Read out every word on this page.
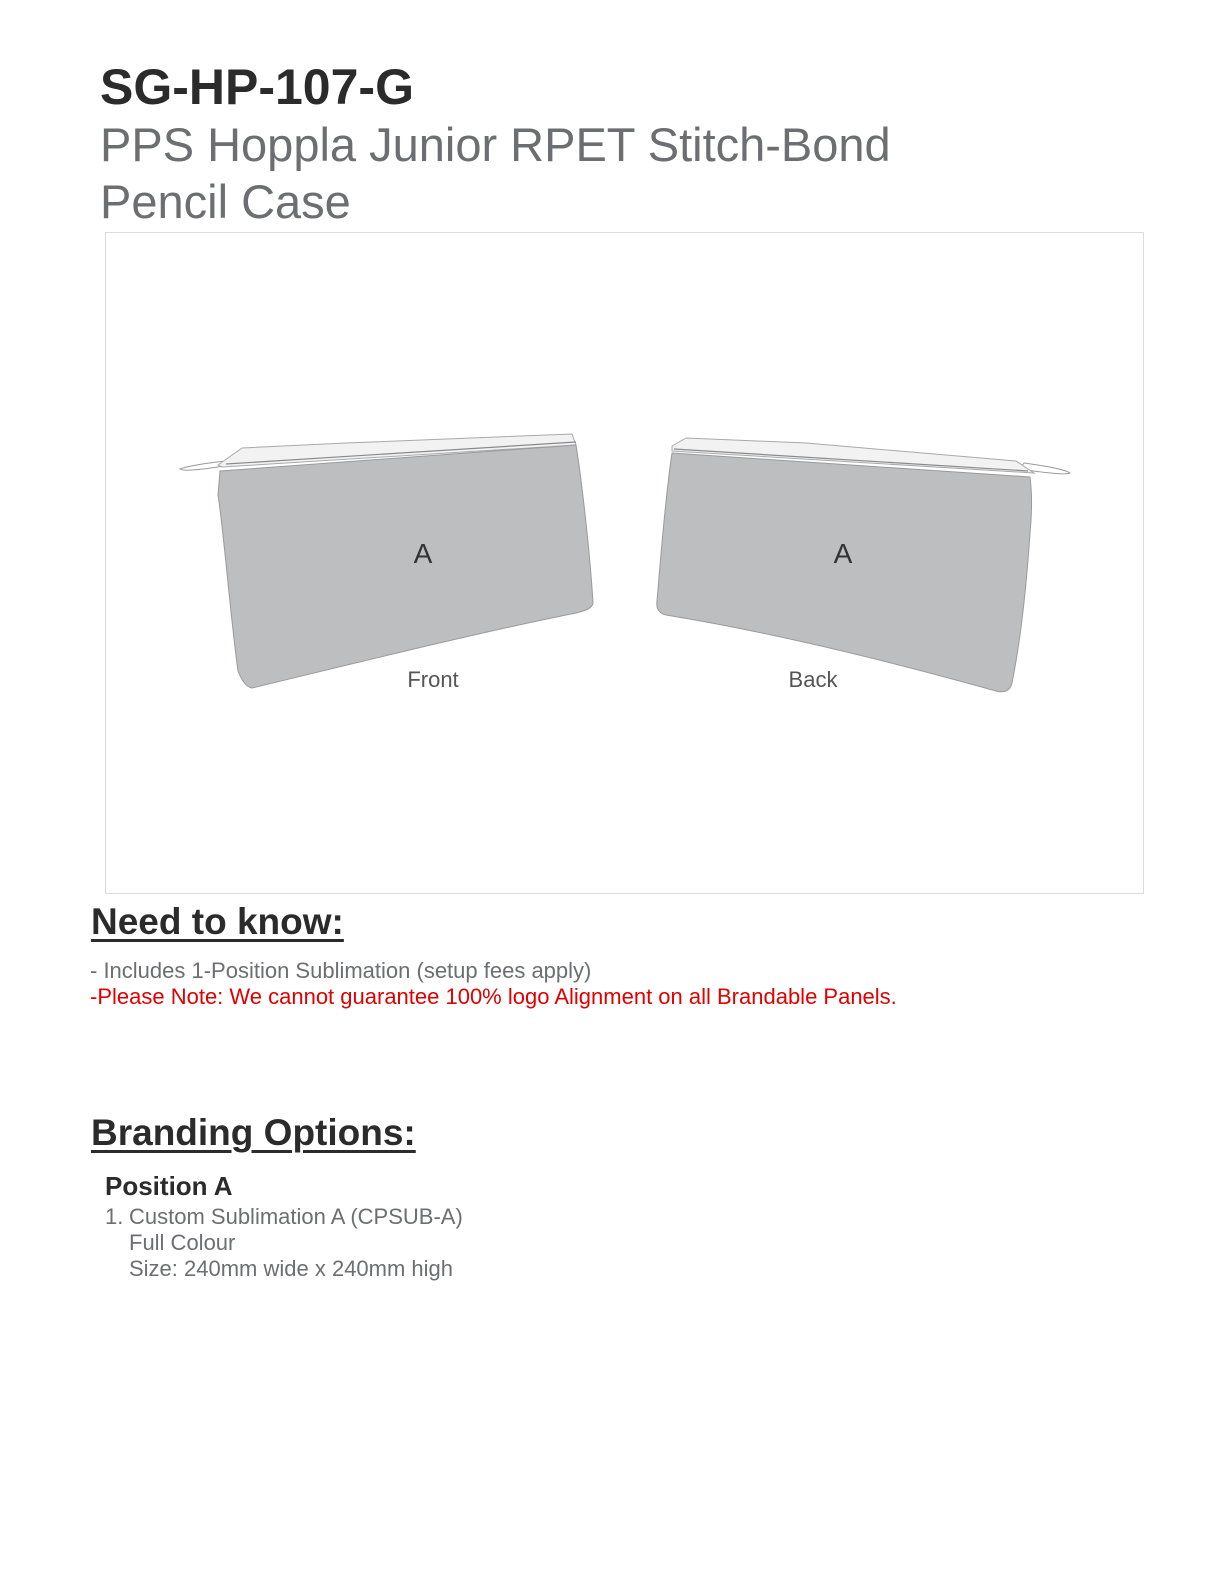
SG-HP-107-G
PPS Hoppla Junior RPET Stitch-Bond
Pencil Case
A	A
Front	Back
Need to know:
- Includes 1-Position Sublimation (setup fees apply)
-Please Note: We cannot guarantee 100% logo Alignment on all Brandable Panels.
Branding Options:
Position A
1. Custom Sublimation A (CPSUB-A)
Full Colour
Size: 240mm wide x 240mm high
